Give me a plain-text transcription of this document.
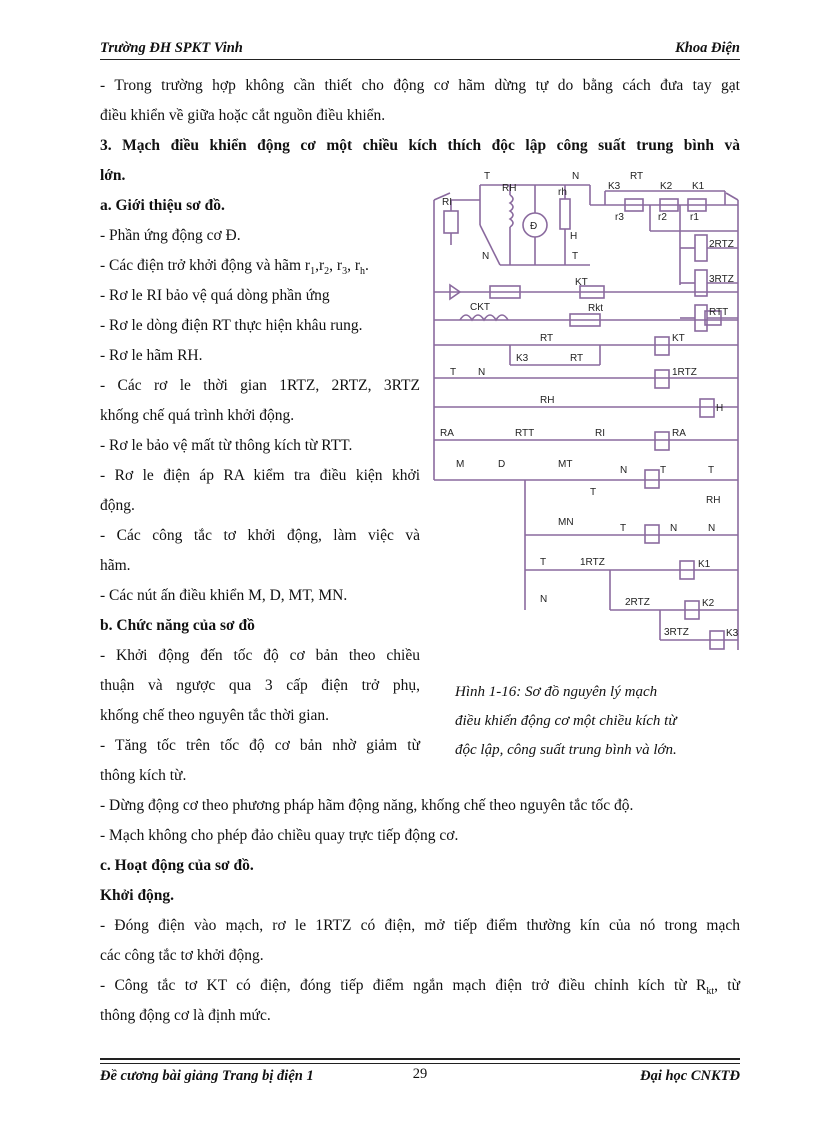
Trường ĐH SPKT Vinh	Khoa Điện
- Trong trường hợp không cần thiết cho động cơ hãm dừng tự do bằng cách đưa tay gạt
điều khiển về giữa hoặc cắt nguồn điều khiển.
3. Mạch điều khiển động cơ một chiều kích thích độc lập công suất trung bình và
lớn.
a. Giới thiệu sơ đồ.
- Phần ứng động cơ Đ.
- Các điện trở khởi động và hãm $r_1,r_2$, $r_3$, $r_h$.
- Rơ le RI bảo vệ quá dòng phần ứng
- Rơ le dòng điện RT thực hiện khâu rung.
- Rơ le hãm RH.
- Các rơ le thời gian 1RTZ, 2RTZ, 3RTZ
khống chế quá trình khởi động.
- Rơ le bảo vệ mất từ thông kích từ RTT.
- Rơ le điện áp RA kiểm tra điều kiện khởi
động.
- Các công tắc tơ khởi động, làm việc và
hãm.
- Các nút ấn điều khiển M, D, MT, MN.
b. Chức năng của sơ đồ
- Khởi động đến tốc độ cơ bản theo chiều
thuận và ngược qua 3 cấp điện trở phụ,
khống chế theo nguyên tắc thời gian.
- Tăng tốc trên tốc độ cơ bản nhờ giảm từ
thông kích từ.
- Dừng động cơ theo phương pháp hãm động năng, khống chế theo nguyên tắc tốc độ.
- Mạch không cho phép đảo chiều quay trực tiếp động cơ.
Hình 1-16: Sơ đồ nguyên lý mạch
điều khiển động cơ một chiều kích từ
độc lập, công suất trung bình và lớn.
c. Hoạt động của sơ đồ.
Khởi động.
- Đóng điện vào mạch, rơ le 1RTZ có điện, mở tiếp điểm thường kín của nó trong mạch
các công tắc tơ khởi động.
- Công tắc tơ KT có điện, đóng tiếp điểm ngắn mạch điện trở điều chỉnh kích từ $R_{kt}$, từ
thông động cơ là định mức.
T	N
RI
RH
Đ
rh
H
N	T
K3
RT
K2 K1
r3	r2 r1
2RTZ
3RTZ
RTT
KT
CKT	Rkt
KT
RT
K3	RT
T N	1RTZ
RH
H
RA	RTT	RI	RA
M	D	MT
N	T	T
RH
T
MN
T	N	N
T	1RTZ	K1
N	2RTZ	K2
3RTZ	K3
Đề cương bài giảng Trang bị điện 1	29	Đại học CNKTĐ
